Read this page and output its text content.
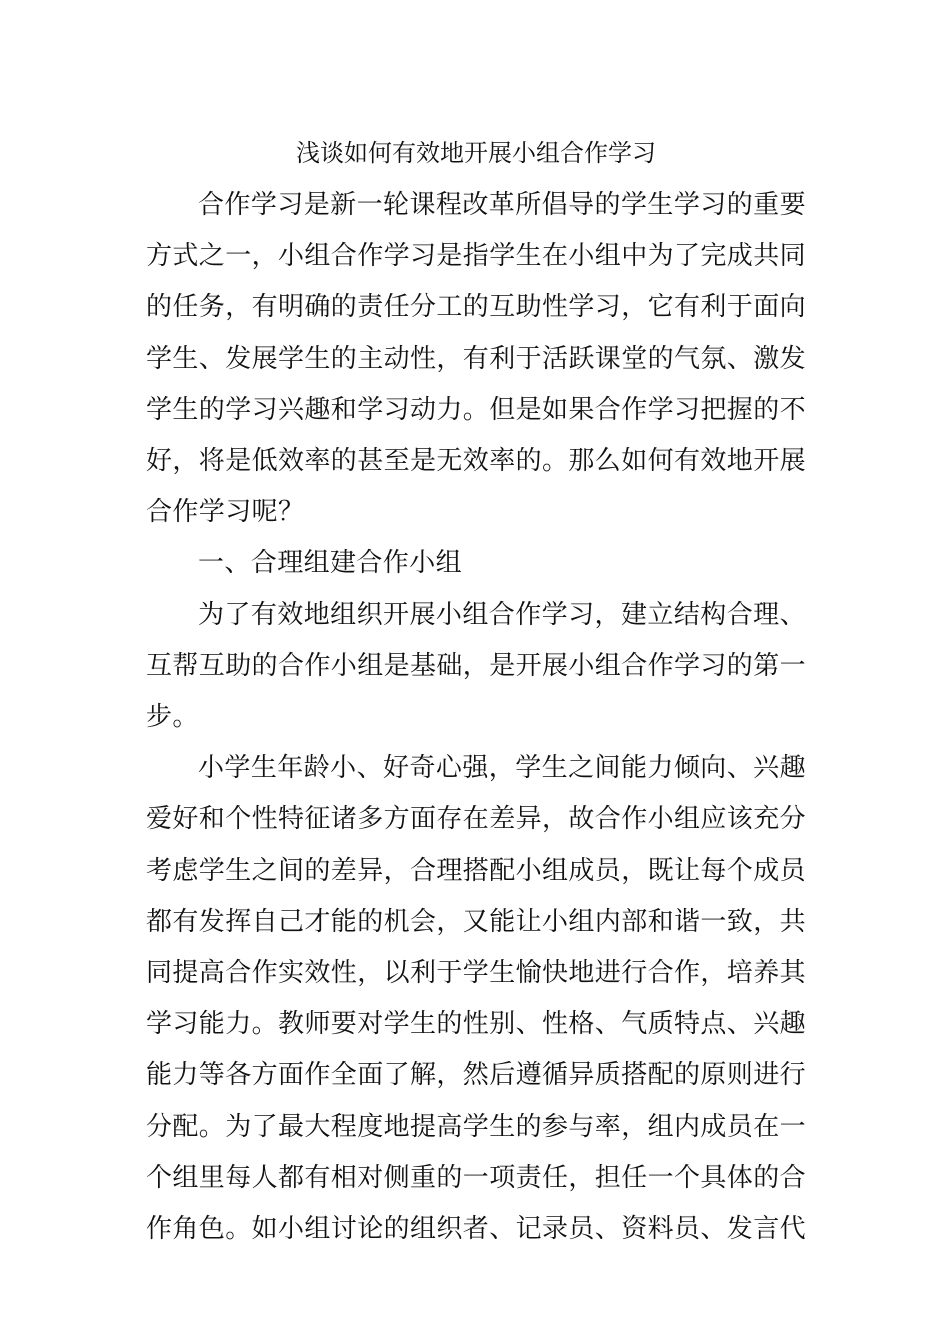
浅谈如何有效地开展小组合作学习

合作学习是新一轮课程改革所倡导的学生学习的重要方式之一，小组合作学习是指学生在小组中为了完成共同的任务，有明确的责任分工的互助性学习，它有利于面向学生、发展学生的主动性，有利于活跃课堂的气氛、激发学生的学习兴趣和学习动力。但是如果合作学习把握的不好，将是低效率的甚至是无效率的。那么如何有效地开展合作学习呢？

一、合理组建合作小组

为了有效地组织开展小组合作学习，建立结构合理、互帮互助的合作小组是基础，是开展小组合作学习的第一步。

小学生年龄小、好奇心强，学生之间能力倾向、兴趣爱好和个性特征诸多方面存在差异，故合作小组应该充分考虑学生之间的差异，合理搭配小组成员，既让每个成员都有发挥自己才能的机会，又能让小组内部和谐一致，共同提高合作实效性，以利于学生愉快地进行合作，培养其学习能力。教师要对学生的性别、性格、气质特点、兴趣能力等各方面作全面了解，然后遵循异质搭配的原则进行分配。为了最大程度地提高学生的参与率，组内成员在一个组里每人都有相对侧重的一项责任，担任一个具体的合作角色。如小组讨论的组织者、记录员、资料员、发言代
